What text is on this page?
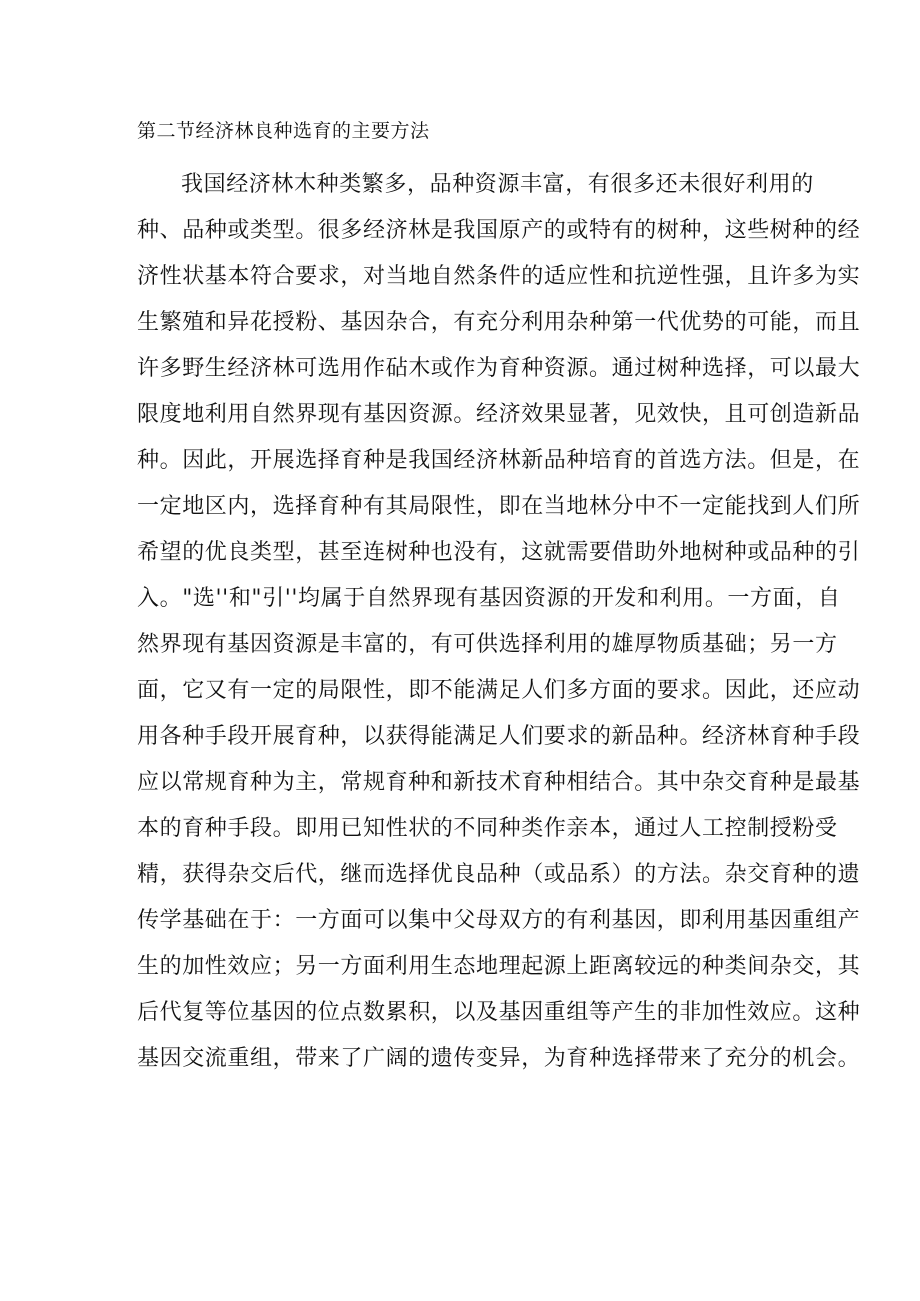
第二节经济林良种选育的主要方法
我国经济林木种类繁多，品种资源丰富，有很多还未很好利用的
种、品种或类型。很多经济林是我国原产的或特有的树种，这些树种的经
济性状基本符合要求，对当地自然条件的适应性和抗逆性强，且许多为实
生繁殖和异花授粉、基因杂合，有充分利用杂种第一代优势的可能，而且
许多野生经济林可选用作砧木或作为育种资源。通过树种选择，可以最大
限度地利用自然界现有基因资源。经济效果显著，见效快，且可创造新品
种。因此，开展选择育种是我国经济林新品种培育的首选方法。但是，在
一定地区内，选择育种有其局限性，即在当地林分中不一定能找到人们所
希望的优良类型，甚至连树种也没有，这就需要借助外地树种或品种的引
入。"选''和"引''均属于自然界现有基因资源的开发和利用。一方面，自
然界现有基因资源是丰富的，有可供选择利用的雄厚物质基础；另一方
面，它又有一定的局限性，即不能满足人们多方面的要求。因此，还应动
用各种手段开展育种，以获得能满足人们要求的新品种。经济林育种手段
应以常规育种为主，常规育种和新技术育种相结合。其中杂交育种是最基
本的育种手段。即用已知性状的不同种类作亲本，通过人工控制授粉受
精，获得杂交后代，继而选择优良品种（或品系）的方法。杂交育种的遗
传学基础在于：一方面可以集中父母双方的有利基因，即利用基因重组产
生的加性效应；另一方面利用生态地理起源上距离较远的种类间杂交，其
后代复等位基因的位点数累积，以及基因重组等产生的非加性效应。这种
基因交流重组，带来了广阔的遗传变异，为育种选择带来了充分的机会。
